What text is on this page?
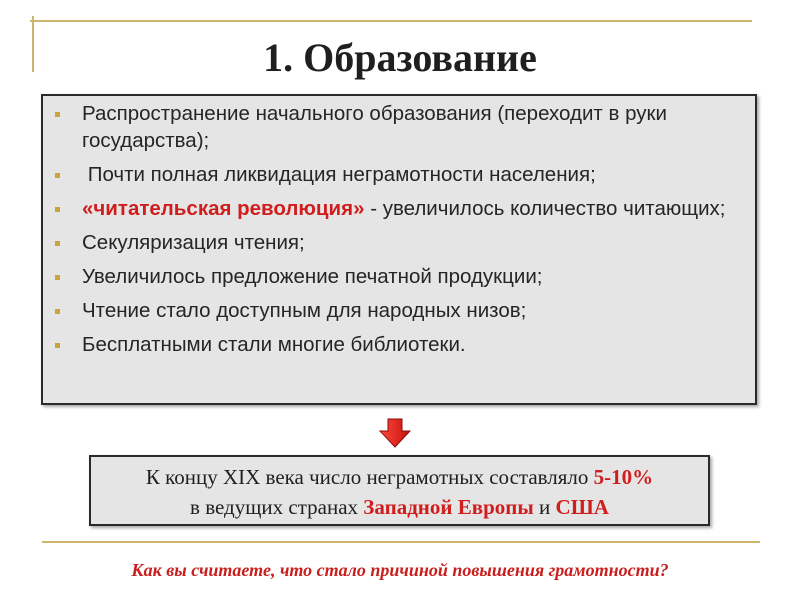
1. Образование
Распространение начального образования (переходит в руки государства);
Почти полная ликвидация неграмотности населения;
«читательская революция» - увеличилось количество читающих;
Секуляризация чтения;
Увеличилось предложение печатной продукции;
Чтение стало доступным для народных низов;
Бесплатными стали многие библиотеки.
К концу XIX века число неграмотных составляло 5-10%
в ведущих странах Западной Европы и США

Как вы считаете, что стало причиной повышения грамотности?
